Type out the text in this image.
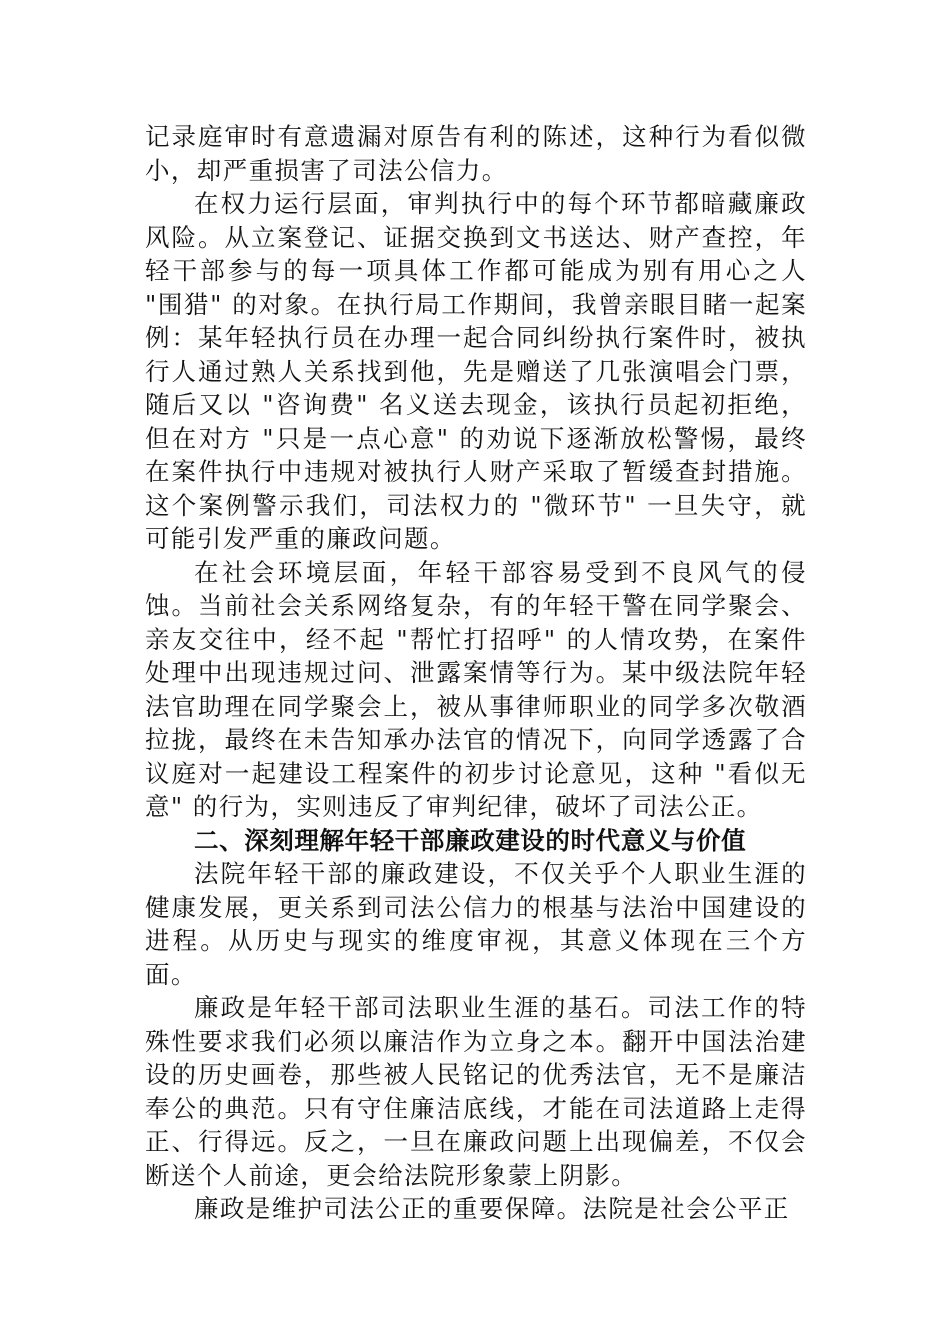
记录庭审时有意遗漏对原告有利的陈述，这种行为看似微小，却严重损害了司法公信力。

在权力运行层面，审判执行中的每个环节都暗藏廉政风险。从立案登记、证据交换到文书送达、财产查控，年轻干部参与的每一项具体工作都可能成为别有用心之人 "围猎" 的对象。在执行局工作期间，我曾亲眼目睹一起案例：某年轻执行员在办理一起合同纠纷执行案件时，被执行人通过熟人关系找到他，先是赠送了几张演唱会门票，随后又以 "咨询费" 名义送去现金，该执行员起初拒绝，但在对方 "只是一点心意" 的劝说下逐渐放松警惕，最终在案件执行中违规对被执行人财产采取了暂缓查封措施。这个案例警示我们，司法权力的 "微环节" 一旦失守，就可能引发严重的廉政问题。

在社会环境层面，年轻干部容易受到不良风气的侵蚀。当前社会关系网络复杂，有的年轻干警在同学聚会、亲友交往中，经不起 "帮忙打招呼" 的人情攻势，在案件处理中出现违规过问、泄露案情等行为。某中级法院年轻法官助理在同学聚会上，被从事律师职业的同学多次敬酒拉拢，最终在未告知承办法官的情况下，向同学透露了合议庭对一起建设工程案件的初步讨论意见，这种 "看似无意" 的行为，实则违反了审判纪律，破坏了司法公正。

二、深刻理解年轻干部廉政建设的时代意义与价值

法院年轻干部的廉政建设，不仅关乎个人职业生涯的健康发展，更关系到司法公信力的根基与法治中国建设的进程。从历史与现实的维度审视，其意义体现在三个方面。

廉政是年轻干部司法职业生涯的基石。司法工作的特殊性要求我们必须以廉洁作为立身之本。翻开中国法治建设的历史画卷，那些被人民铭记的优秀法官，无不是廉洁奉公的典范。只有守住廉洁底线，才能在司法道路上走得正、行得远。反之，一旦在廉政问题上出现偏差，不仅会断送个人前途，更会给法院形象蒙上阴影。

廉政是维护司法公正的重要保障。法院是社会公平正
